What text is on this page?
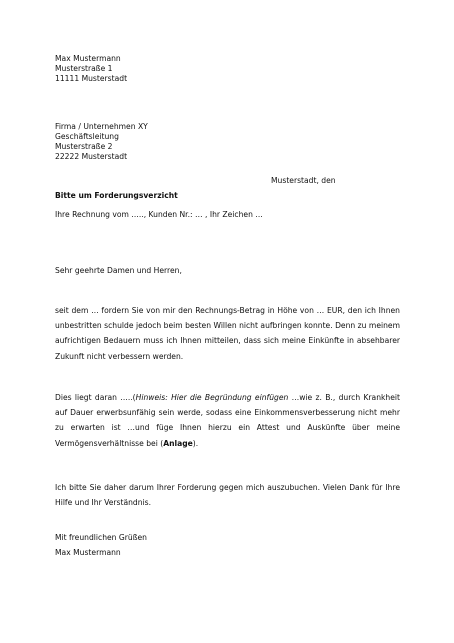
Max Mustermann
Musterstraße 1
11111 Musterstadt
Firma / Unternehmen XY
Geschäftsleitung
Musterstraße 2
22222 Musterstadt
Musterstadt, den
Bitte um Forderungsverzicht
Ihre Rechnung vom ….., Kunden Nr.: … , Ihr Zeichen …
Sehr geehrte Damen und Herren,
seit dem … fordern Sie von mir den Rechnungs-Betrag in Höhe von … EUR, den ich Ihnen unbestritten schulde jedoch beim besten Willen nicht aufbringen konnte. Denn zu meinem aufrichtigen Bedauern muss ich Ihnen mitteilen, dass sich meine Einkünfte in absehbarer Zukunft nicht verbessern werden.
Dies liegt daran …..(Hinweis: Hier die Begründung einfügen …wie z. B., durch Krankheit auf Dauer erwerbsunfähig sein werde, sodass eine Einkommensverbesserung nicht mehr zu erwarten ist …und füge Ihnen hierzu ein Attest und Auskünfte über meine Vermögensverhältnisse bei (Anlage).
Ich bitte Sie daher darum Ihrer Forderung gegen mich auszubuchen. Vielen Dank für Ihre Hilfe und Ihr Verständnis.
Mit freundlichen Grüßen
Max Mustermann
